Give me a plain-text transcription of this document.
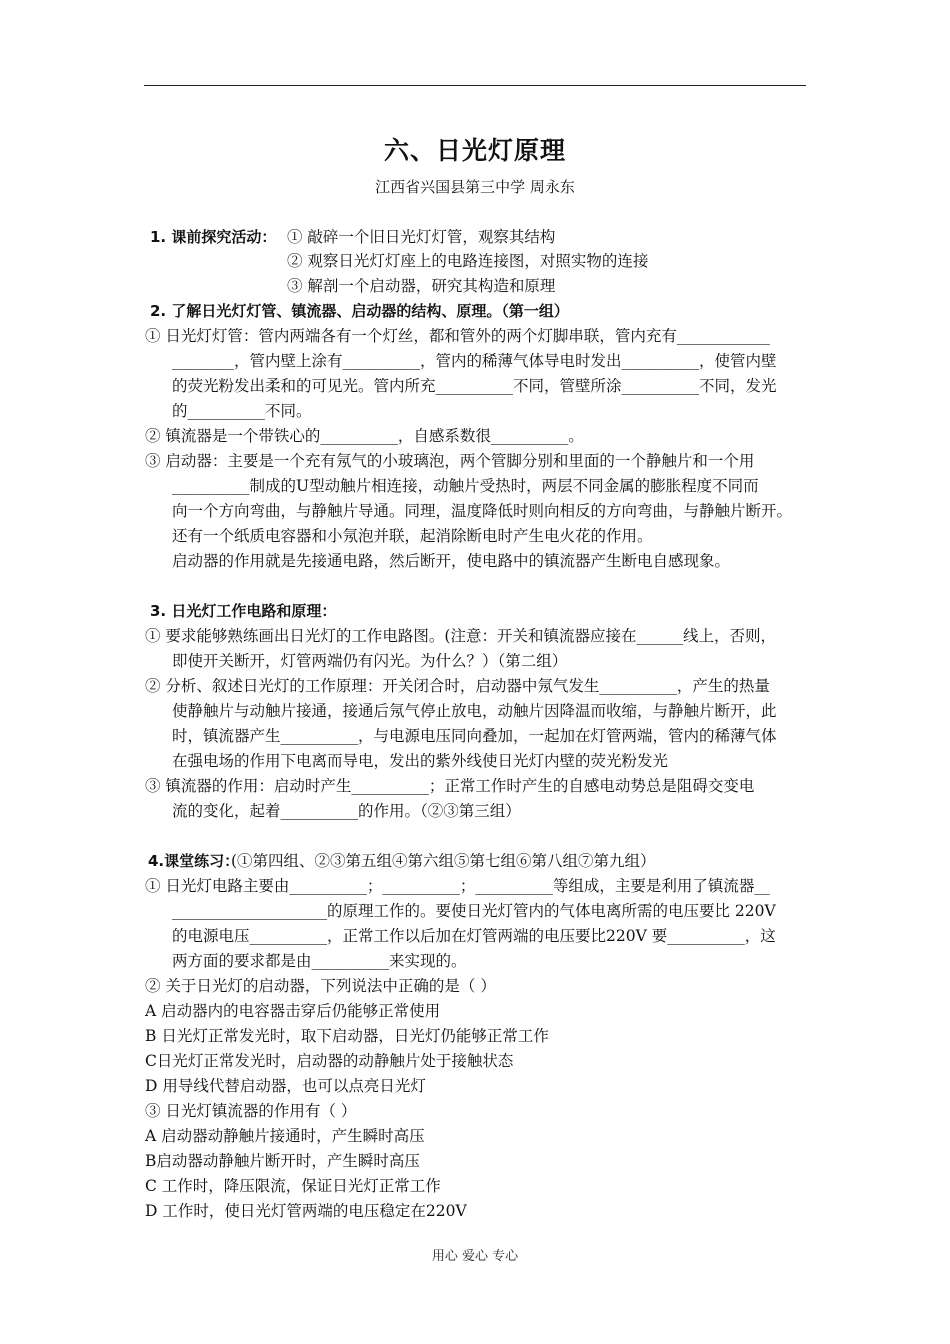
六、日光灯原理
江西省兴国县第三中学 周永东
1. 课前探究活动： ① 敲碎一个旧日光灯灯管，观察其结构
② 观察日光灯灯座上的电路连接图，对照实物的连接
③ 解剖一个启动器，研究其构造和原理
2. 了解日光灯灯管、镇流器、启动器的结构、原理。（第一组）
① 日光灯灯管：管内两端各有一个灯丝，都和管外的两个灯脚串联，管内充有____________
________，管内壁上涂有__________，管内的稀薄气体导电时发出__________，使管内壁
的荧光粉发出柔和的可见光。管内所充__________不同，管壁所涂__________不同，发光
的__________不同。
② 镇流器是一个带铁心的__________，自感系数很__________。
③ 启动器：主要是一个充有氖气的小玻璃泡，两个管脚分别和里面的一个静触片和一个用
__________制成的U型动触片相连接，动触片受热时，两层不同金属的膨胀程度不同而
向一个方向弯曲，与静触片导通。同理，温度降低时则向相反的方向弯曲，与静触片断开。
还有一个纸质电容器和小氖泡并联，起消除断电时产生电火花的作用。
启动器的作用就是先接通电路，然后断开，使电路中的镇流器产生断电自感现象。
3. 日光灯工作电路和原理：
① 要求能够熟练画出日光灯的工作电路图。(注意：开关和镇流器应接在______线上，否则，
即使开关断开，灯管两端仍有闪光。为什么？）（第二组）
② 分析、叙述日光灯的工作原理：开关闭合时，启动器中氖气发生__________，产生的热量
使静触片与动触片接通，接通后氖气停止放电，动触片因降温而收缩，与静触片断开，此
时，镇流器产生__________，与电源电压同向叠加，一起加在灯管两端，管内的稀薄气体
在强电场的作用下电离而导电，发出的紫外线使日光灯内壁的荧光粉发光
③ 镇流器的作用：启动时产生__________；正常工作时产生的自感电动势总是阻碍交变电
流的变化，起着__________的作用。（②③第三组）
4.课堂练习：
(①第四组、②③第五组④第六组⑤第七组⑥第八组⑦第九组）
① 日光灯电路主要由__________；__________；__________等组成，主要是利用了镇流器__
____________________的原理工作的。要使日光灯管内的气体电离所需的电压要比 220V
的电源电压__________，正常工作以后加在灯管两端的电压要比220V 要__________，这
两方面的要求都是由__________来实现的。
② 关于日光灯的启动器，下列说法中正确的是（ ）
A 启动器内的电容器击穿后仍能够正常使用
B 日光灯正常发光时，取下启动器，日光灯仍能够正常工作
C日光灯正常发光时，启动器的动静触片处于接触状态
D 用导线代替启动器，也可以点亮日光灯
③ 日光灯镇流器的作用有（ ）
A 启动器动静触片接通时，产生瞬时高压
B启动器动静触片断开时，产生瞬时高压
C 工作时，降压限流，保证日光灯正常工作
D 工作时，使日光灯管两端的电压稳定在220V
用心 爱心 专心
